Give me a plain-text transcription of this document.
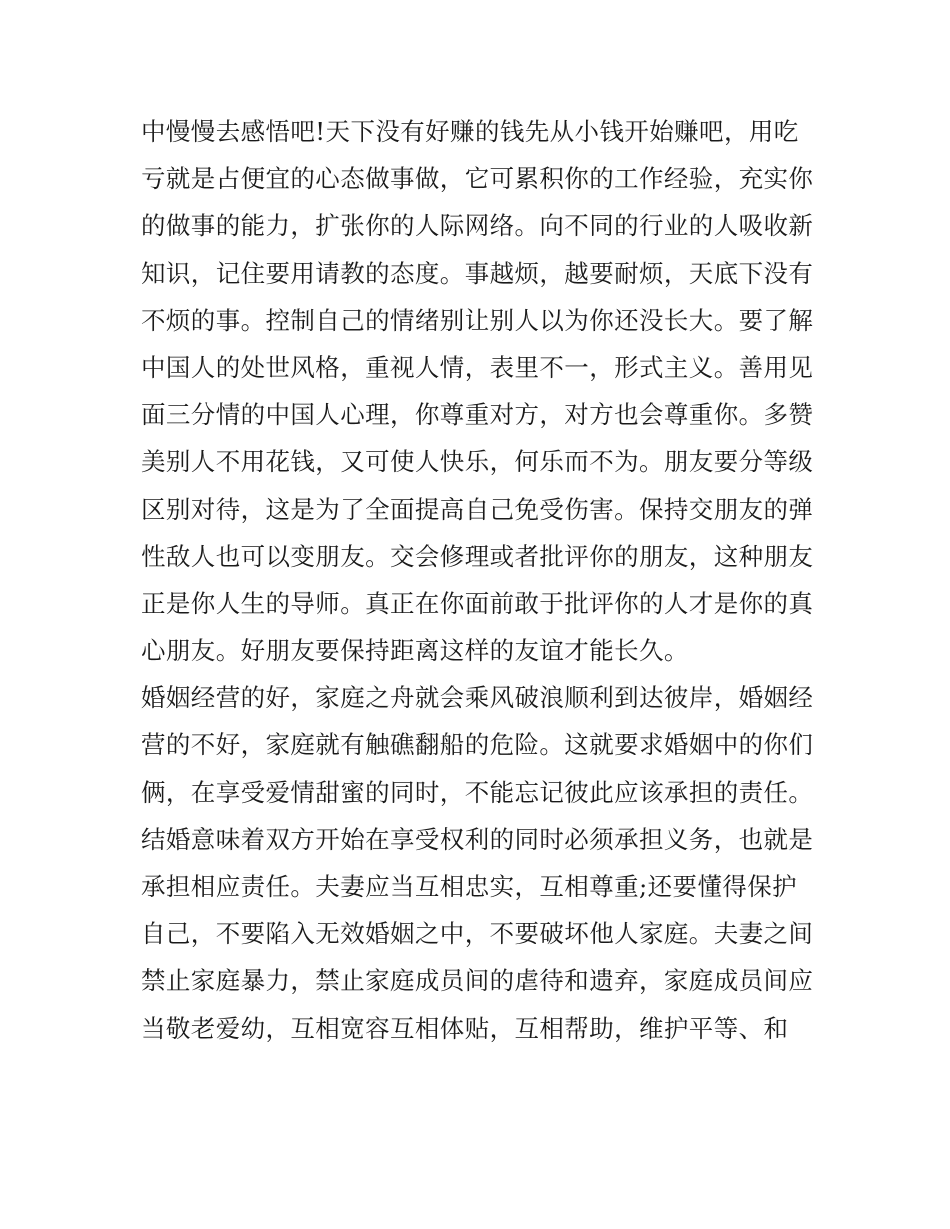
中慢慢去感悟吧!天下没有好赚的钱先从小钱开始赚吧，用吃
亏就是占便宜的心态做事做，它可累积你的工作经验，充实你
的做事的能力，扩张你的人际网络。向不同的行业的人吸收新
知识，记住要用请教的态度。事越烦，越要耐烦，天底下没有
不烦的事。控制自己的情绪别让别人以为你还没长大。要了解
中国人的处世风格，重视人情，表里不一，形式主义。善用见
面三分情的中国人心理，你尊重对方，对方也会尊重你。多赞
美别人不用花钱，又可使人快乐，何乐而不为。朋友要分等级
区别对待，这是为了全面提高自己免受伤害。保持交朋友的弹
性敌人也可以变朋友。交会修理或者批评你的朋友，这种朋友
正是你人生的导师。真正在你面前敢于批评你的人才是你的真
心朋友。好朋友要保持距离这样的友谊才能长久。
婚姻经营的好，家庭之舟就会乘风破浪顺利到达彼岸，婚姻经
营的不好，家庭就有触礁翻船的危险。这就要求婚姻中的你们
俩，在享受爱情甜蜜的同时，不能忘记彼此应该承担的责任。
结婚意味着双方开始在享受权利的同时必须承担义务，也就是
承担相应责任。夫妻应当互相忠实，互相尊重;还要懂得保护
自己，不要陷入无效婚姻之中，不要破坏他人家庭。夫妻之间
禁止家庭暴力，禁止家庭成员间的虐待和遗弃，家庭成员间应
当敬老爱幼，互相宽容互相体贴，互相帮助，维护平等、和
